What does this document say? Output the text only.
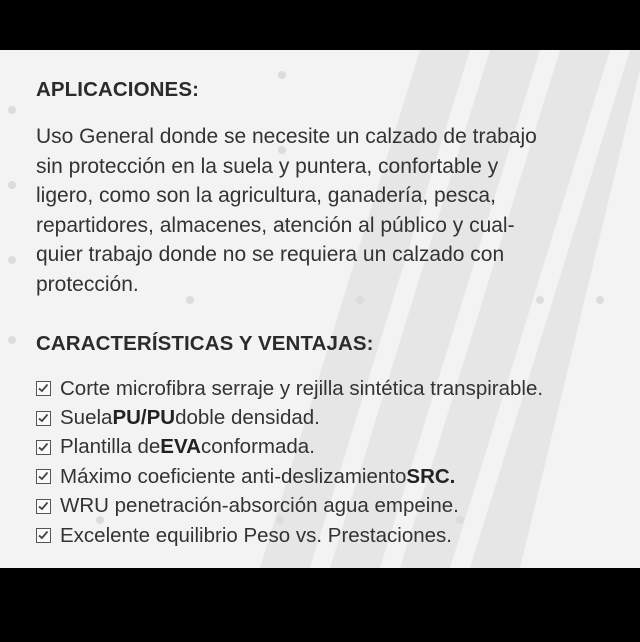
APLICACIONES:
Uso General donde se necesite un calzado de trabajo
sin protección en la suela y puntera, confortable y
ligero, como son la agricultura, ganadería, pesca,
repartidores, almacenes, atención al público y cual-
quier trabajo donde no se requiera un calzado con
protección.
CARACTERÍSTICAS Y VENTAJAS:
Corte microfibra serraje y rejilla sintética transpirable.
Suela PU/PU doble densidad.
Plantilla de EVA conformada.
Máximo coeficiente anti-deslizamiento SRC.
WRU penetración-absorción agua empeine.
Excelente equilibrio Peso vs. Prestaciones.
